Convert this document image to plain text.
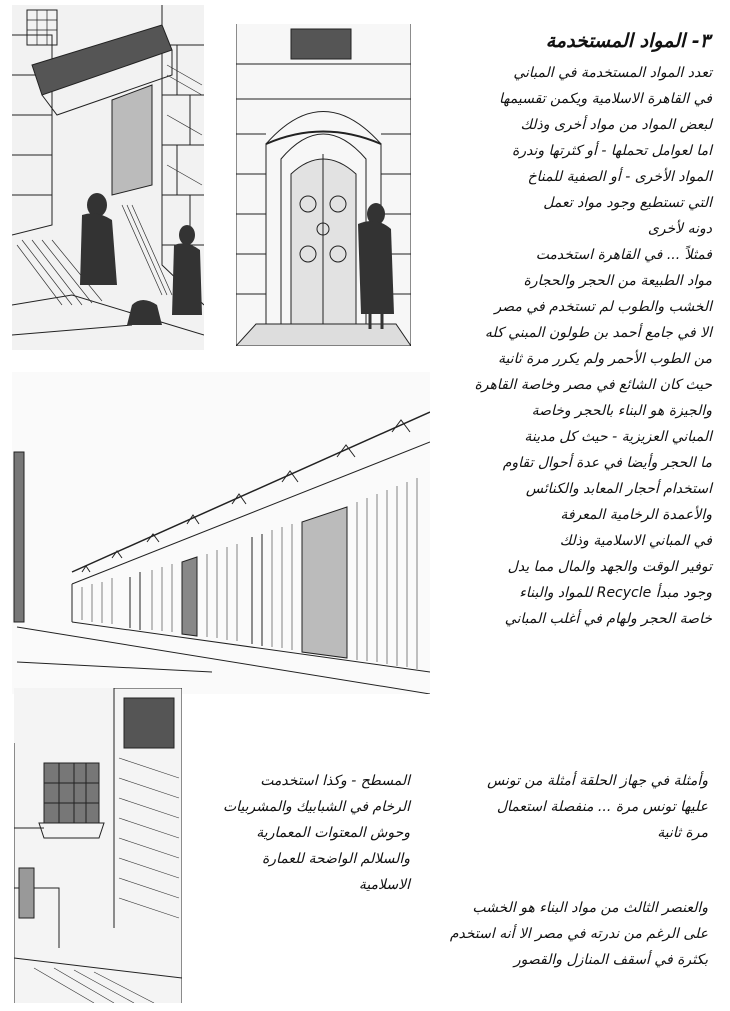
٣- المواد المستخدمة
تعدد المواد المستخدمة في المباني
في القاهرة الاسلامية ويكمن تقسيمها
لبعض المواد من مواد أخرى وذلك
اما لعوامل تحملها - أو كثرتها وندرة
المواد الأخرى - أو الصفية للمناخ
التي تستطيع وجود مواد تعمل
دونه لأخرى
فمثلاً ... في القاهرة استخدمت
مواد الطبيعة من الحجر والحجارة
الخشب والطوب لم تستخدم في مصر
الا في جامع أحمد بن طولون المبني كله
من الطوب الأحمر ولم يكرر مرة ثانية
حيث كان الشائع في مصر وخاصة القاهرة
والجيزة هو البناء بالحجر وخاصة
المباني العزيزية - حيث كل مدينة
ما الحجر وأيضا في عدة أحوال تقاوم
استخدام أحجار المعابد والكنائس
والأعمدة الرخامية المعرفة
في المباني الاسلامية وذلك
توفير الوقت والجهد والمال مما يدل
وجود مبدأ Recycle للمواد والبناء
خاصة الحجر ولهام في أغلب المباني
المسطح - وكذا استخدمت
الرخام في الشبابيك والمشربيات
وحوش المعتوات المعمارية
والسلالم الواضحة للعمارة
الاسلامية
وأمثلة في جهاز الحلقة أمثلة من تونس
عليها تونس مرة ... منفصلة استعمال
مرة ثانية
والعنصر الثالث من مواد البناء هو الخشب
على الرغم من ندرته في مصر الا أنه استخدم
بكثرة في أسقف المنازل والقصور
